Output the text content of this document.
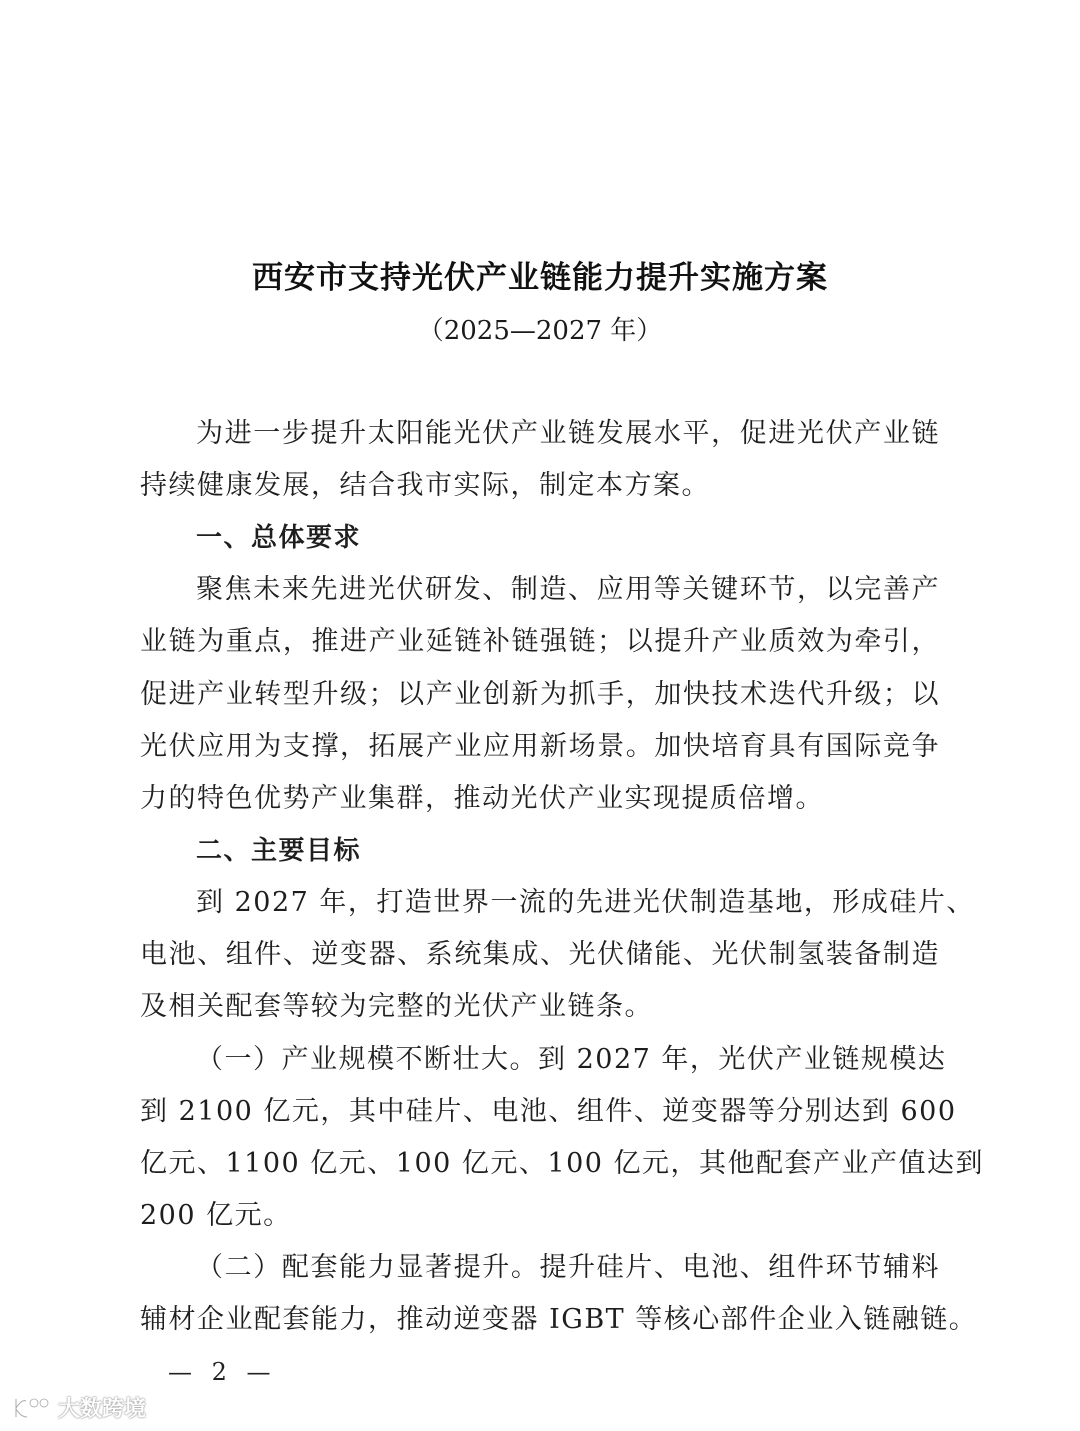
西安市支持光伏产业链能力提升实施方案
（2025—2027 年）
为进一步提升太阳能光伏产业链发展水平，促进光伏产业链
持续健康发展，结合我市实际，制定本方案。
一、总体要求
聚焦未来先进光伏研发、制造、应用等关键环节，以完善产
业链为重点，推进产业延链补链强链；以提升产业质效为牵引，
促进产业转型升级；以产业创新为抓手，加快技术迭代升级；以
光伏应用为支撑，拓展产业应用新场景。加快培育具有国际竞争
力的特色优势产业集群，推动光伏产业实现提质倍增。
二、主要目标
到 2027 年，打造世界一流的先进光伏制造基地，形成硅片、
电池、组件、逆变器、系统集成、光伏储能、光伏制氢装备制造
及相关配套等较为完整的光伏产业链条。
（一）产业规模不断壮大。到 2027 年，光伏产业链规模达
到 2100 亿元，其中硅片、电池、组件、逆变器等分别达到 600
亿元、1100 亿元、100 亿元、100 亿元，其他配套产业产值达到
200 亿元。
（二）配套能力显著提升。提升硅片、电池、组件环节辅料
辅材企业配套能力，推动逆变器 IGBT 等核心部件企业入链融链。
— 2 —
大数跨境
